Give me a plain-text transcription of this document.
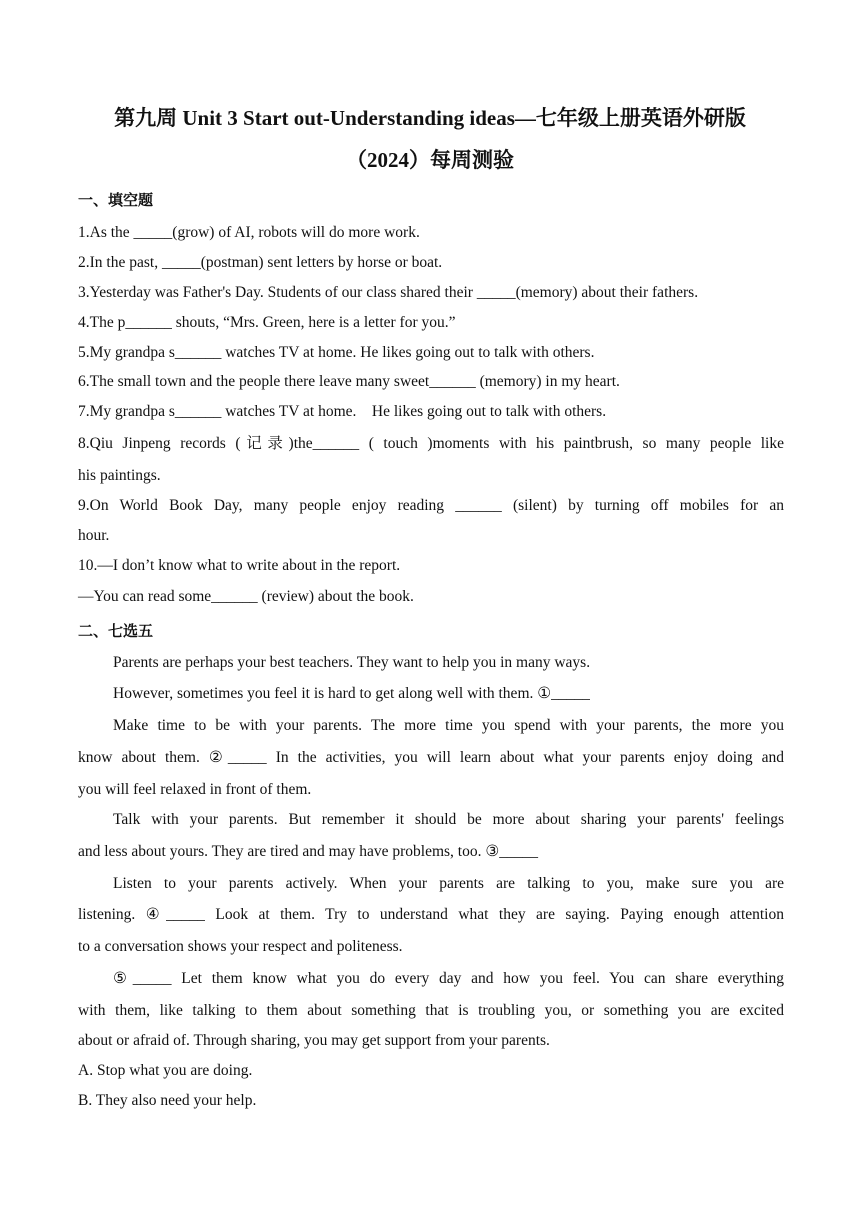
第九周 Unit 3 Start out-Understanding ideas—七年级上册英语外研版
（2024）每周测验
一、填空题
1.As the _____(grow) of AI, robots will do more work.
2.In the past, _____(postman) sent letters by horse or boat.
3.Yesterday was Father's Day. Students of our class shared their _____(memory) about their fathers.
4.The p______ shouts, “Mrs. Green, here is a letter for you.”
5.My grandpa s______ watches TV at home. He likes going out to talk with others.
6.The small town and the people there leave many sweet______ (memory) in my heart.
7.My grandpa s______ watches TV at home.　He likes going out to talk with others.
8.Qiu Jinpeng records (记录)the______ ( touch )moments with his paintbrush, so many people like
his paintings.
9.On World Book Day, many people enjoy reading ______ (silent) by turning off mobiles for an
hour.
10.—I don’t know what to write about in the report.
—You can read some______ (review) about the book.
二、七选五
Parents are perhaps your best teachers. They want to help you in many ways.
However, sometimes you feel it is hard to get along well with them. ①_____
Make time to be with your parents. The more time you spend with your parents, the more you
know about them. ②_____ In the activities, you will learn about what your parents enjoy doing and
you will feel relaxed in front of them.
Talk with your parents. But remember it should be more about sharing your parents' feelings
and less about yours. They are tired and may have problems, too. ③_____
Listen to your parents actively. When your parents are talking to you, make sure you are
listening. ④_____ Look at them. Try to understand what they are saying. Paying enough attention
to a conversation shows your respect and politeness.
⑤_____ Let them know what you do every day and how you feel. You can share everything
with them, like talking to them about something that is troubling you, or something you are excited
about or afraid of. Through sharing, you may get support from your parents.
A. Stop what you are doing.
B. They also need your help.
